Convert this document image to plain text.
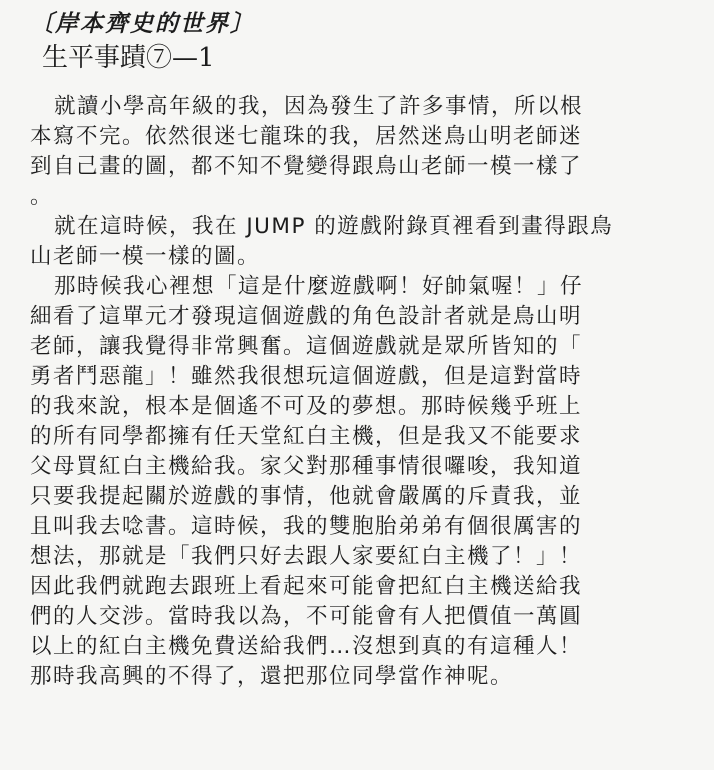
〔岸本齊史的世界〕
生平事蹟⑦—1
就讀小學高年級的我，因為發生了許多事情，所以根
本寫不完。依然很迷七龍珠的我，居然迷鳥山明老師迷
到自己畫的圖，都不知不覺變得跟鳥山老師一模一樣了
。
就在這時候，我在 JUMP 的遊戲附錄頁裡看到畫得跟鳥
山老師一模一樣的圖。
那時候我心裡想「這是什麼遊戲啊！好帥氣喔！」仔
細看了這單元才發現這個遊戲的角色設計者就是鳥山明
老師，讓我覺得非常興奮。這個遊戲就是眾所皆知的「
勇者鬥惡龍」！雖然我很想玩這個遊戲，但是這對當時
的我來說，根本是個遙不可及的夢想。那時候幾乎班上
的所有同學都擁有任天堂紅白主機，但是我又不能要求
父母買紅白主機給我。家父對那種事情很囉唆，我知道
只要我提起關於遊戲的事情，他就會嚴厲的斥責我，並
且叫我去唸書。這時候，我的雙胞胎弟弟有個很厲害的
想法，那就是「我們只好去跟人家要紅白主機了！」！
因此我們就跑去跟班上看起來可能會把紅白主機送給我
們的人交涉。當時我以為，不可能會有人把價值一萬圓
以上的紅白主機免費送給我們…沒想到真的有這種人！
那時我高興的不得了，還把那位同學當作神呢。
